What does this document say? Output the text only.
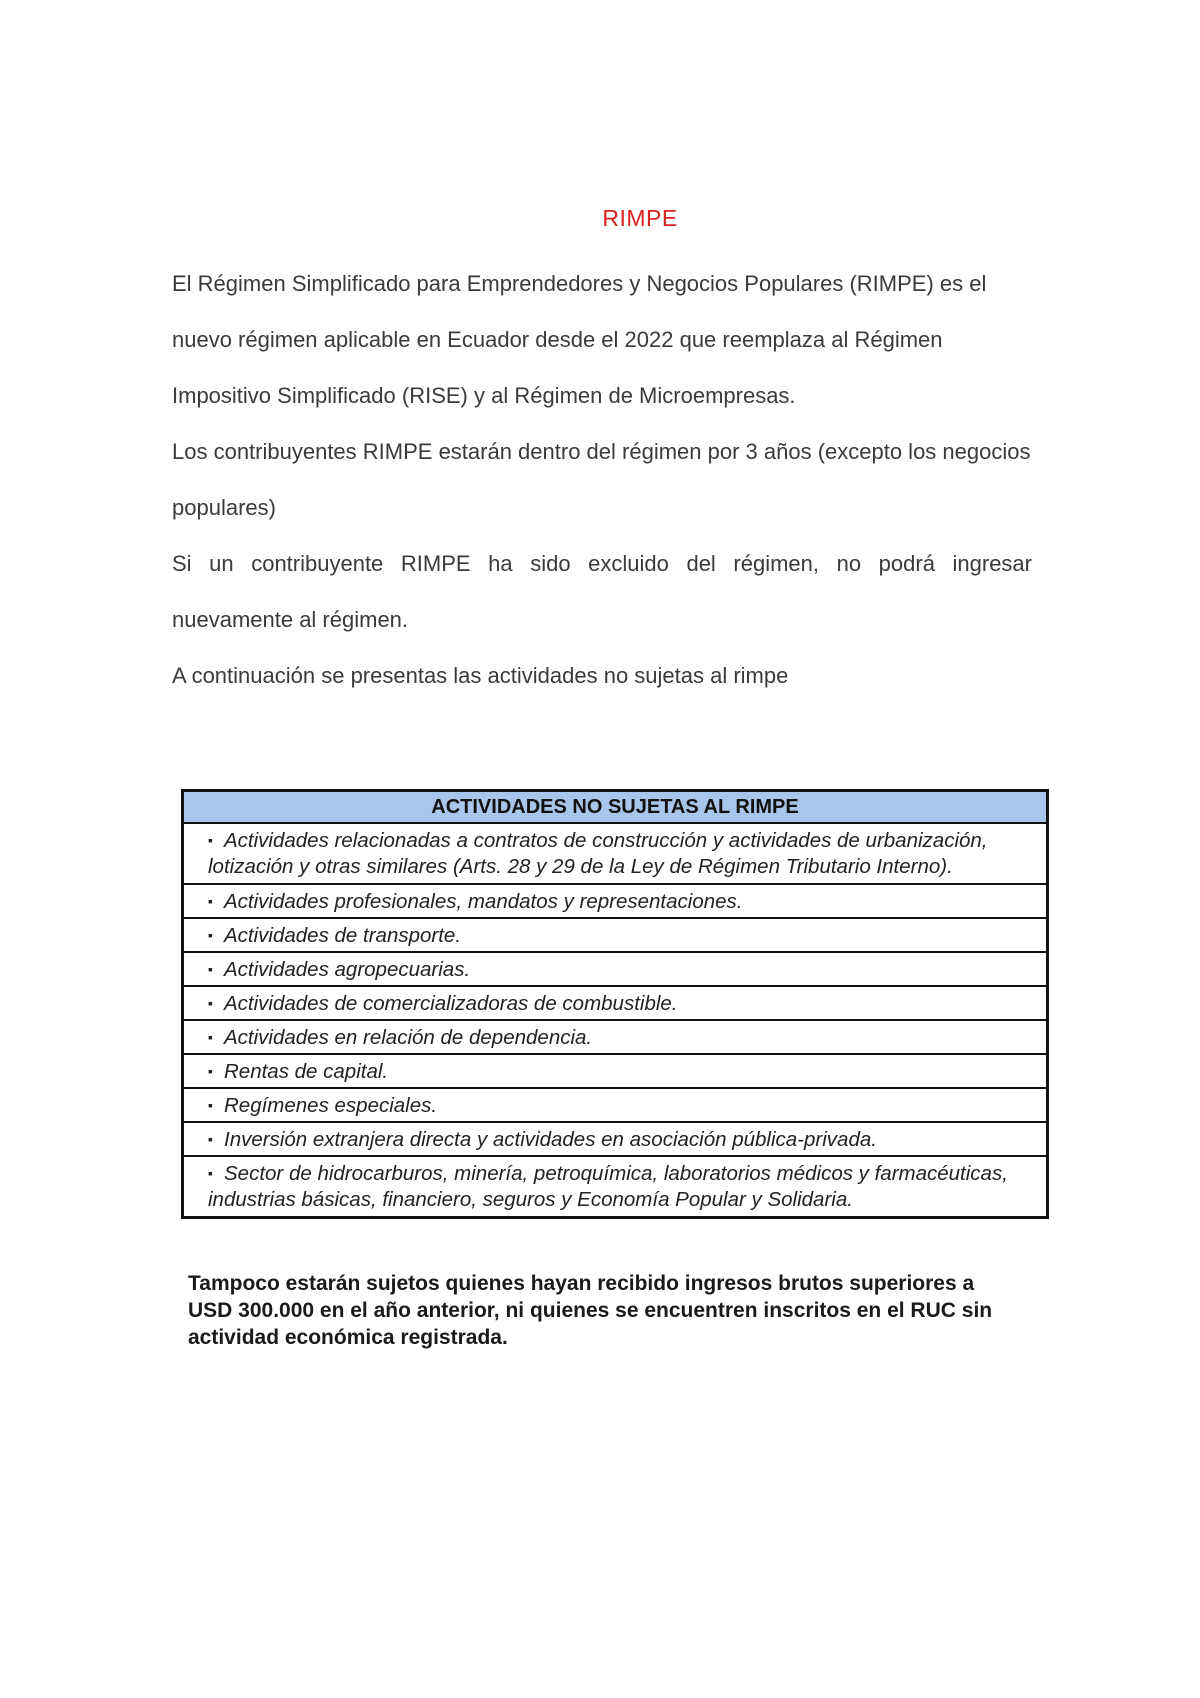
RIMPE

El Régimen Simplificado para Emprendedores y Negocios Populares (RIMPE) es el nuevo régimen aplicable en Ecuador desde el 2022 que reemplaza al Régimen Impositivo Simplificado (RISE) y al Régimen de Microempresas.

Los contribuyentes RIMPE estarán dentro del régimen por 3 años (excepto los negocios populares)

Si un contribuyente RIMPE ha sido excluido del régimen, no podrá ingresar nuevamente al régimen.

A continuación se presentas las actividades no sujetas al rimpe

ACTIVIDADES NO SUJETAS AL RIMPE
▪ Actividades relacionadas a contratos de construcción y actividades de urbanización, lotización y otras similares (Arts. 28 y 29 de la Ley de Régimen Tributario Interno).
▪ Actividades profesionales, mandatos y representaciones.
▪ Actividades de transporte.
▪ Actividades agropecuarias.
▪ Actividades de comercializadoras de combustible.
▪ Actividades en relación de dependencia.
▪ Rentas de capital.
▪ Regímenes especiales.
▪ Inversión extranjera directa y actividades en asociación pública-privada.
▪ Sector de hidrocarburos, minería, petroquímica, laboratorios médicos y farmacéuticas, industrias básicas, financiero, seguros y Economía Popular y Solidaria.
Tampoco estarán sujetos quienes hayan recibido ingresos brutos superiores a USD 300.000 en el año anterior, ni quienes se encuentren inscritos en el RUC sin actividad económica registrada.
